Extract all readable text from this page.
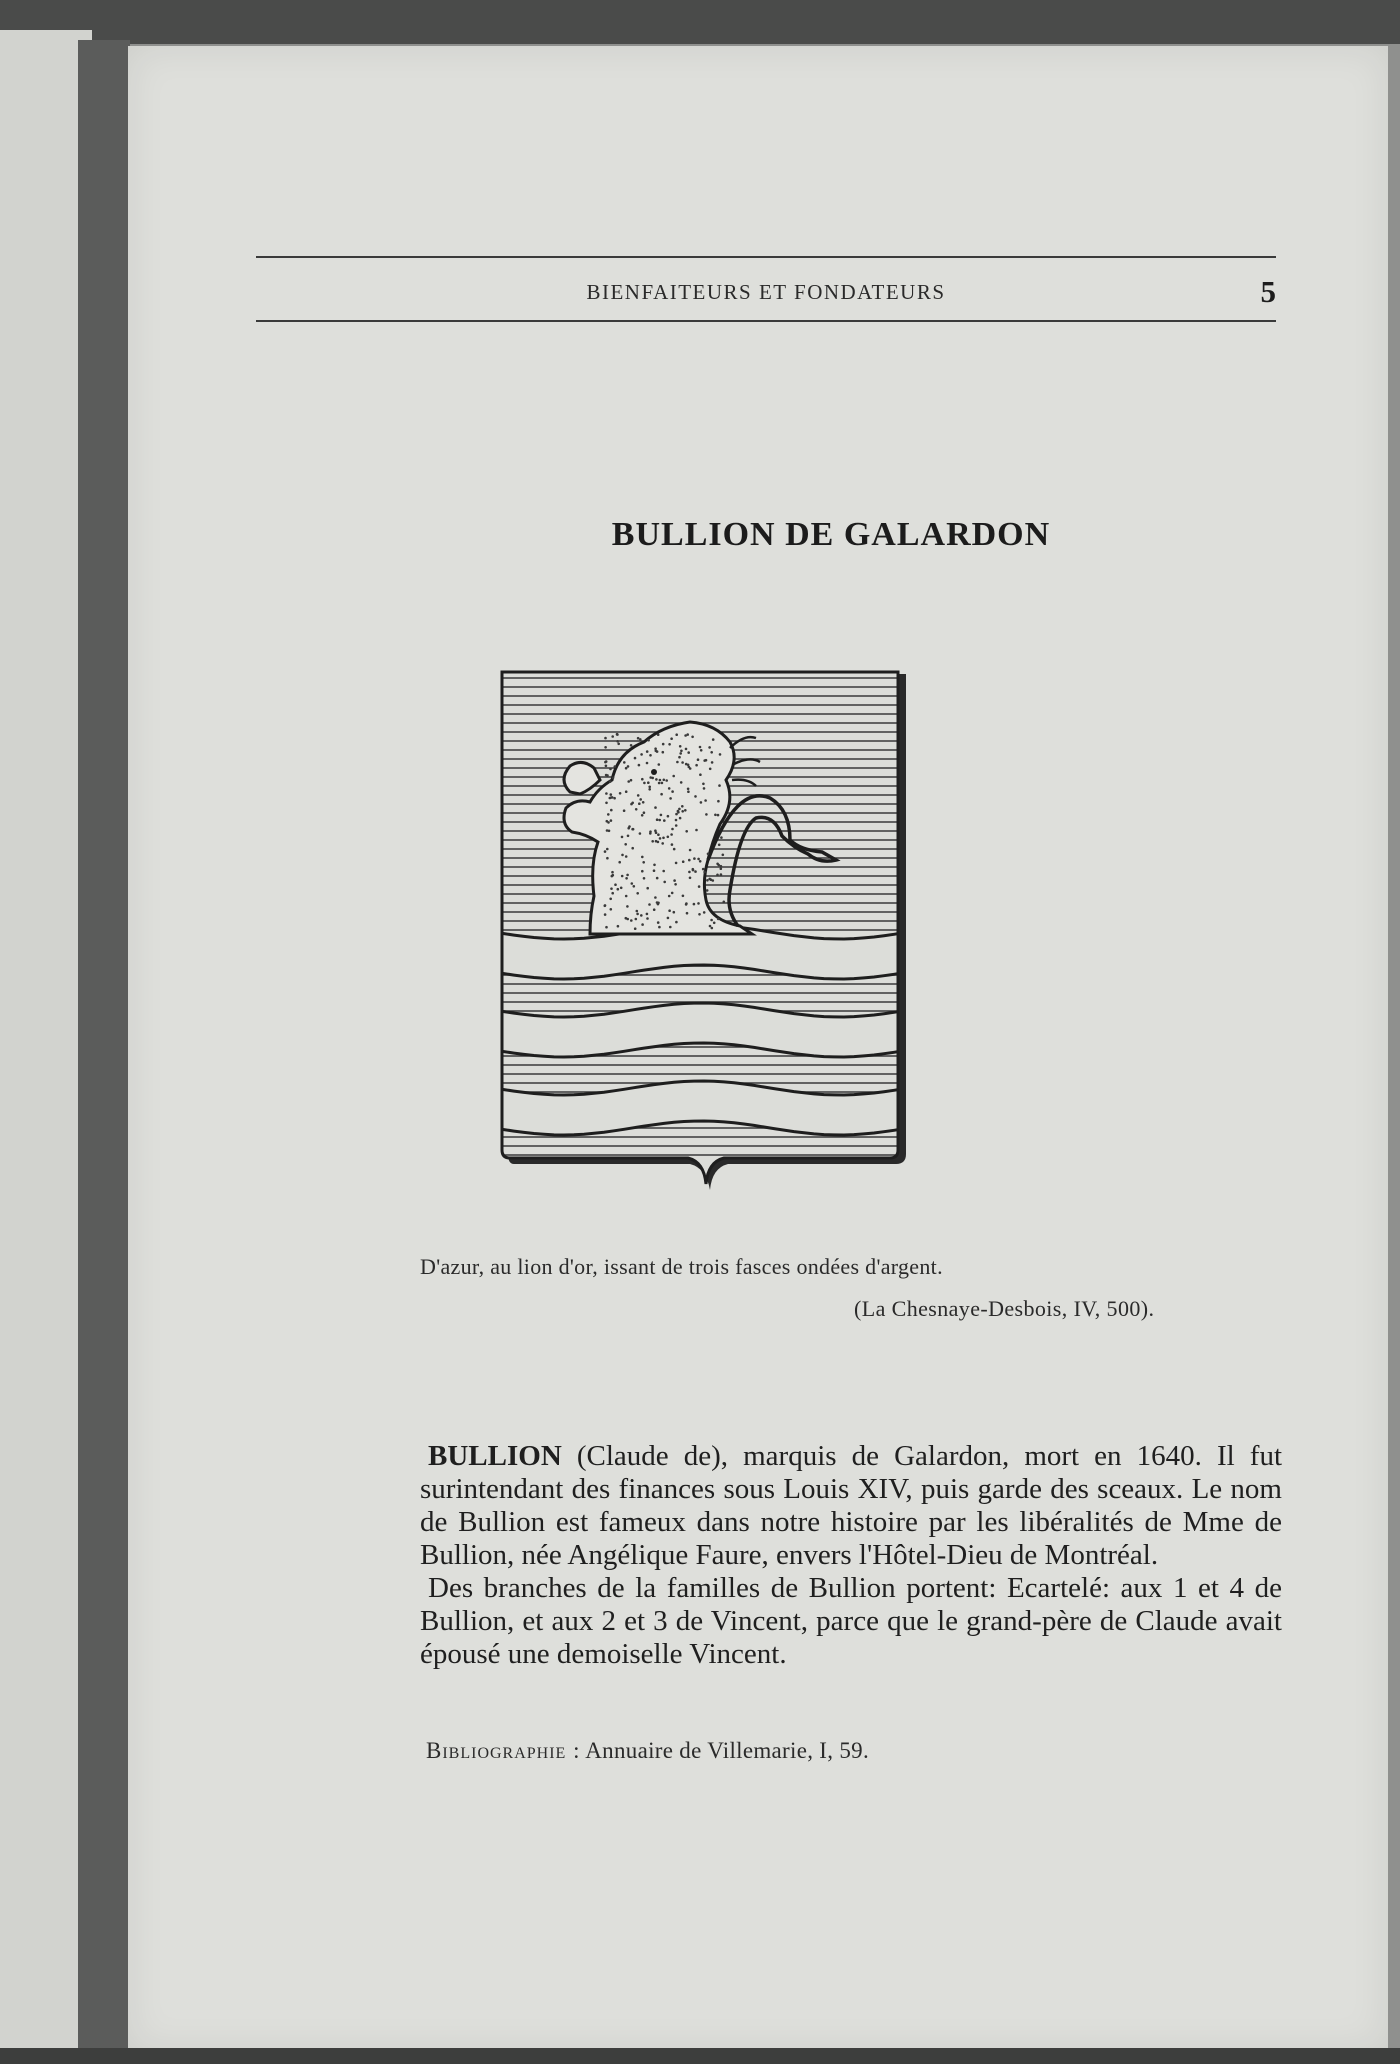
BIENFAITEURS ET FONDATEURS	5
BULLION DE GALARDON
D'azur, au lion d'or, issant de trois fasces ondées d'argent.
(La Chesnaye-Desbois, IV, 500).

BULLION (Claude de), marquis de Galardon, mort en 1640. Il fut surintendant des finances sous Louis XIV, puis garde des sceaux. Le nom de Bullion est fameux dans notre histoire par les libéralités de Mme de Bullion, née Angélique Faure, envers l'Hôtel-Dieu de Montréal.

Des branches de la familles de Bullion portent: Ecartelé: aux 1 et 4 de Bullion, et aux 2 et 3 de Vincent, parce que le grand-père de Claude avait épousé une demoiselle Vincent.

Bibliographie : Annuaire de Villemarie, I, 59.
